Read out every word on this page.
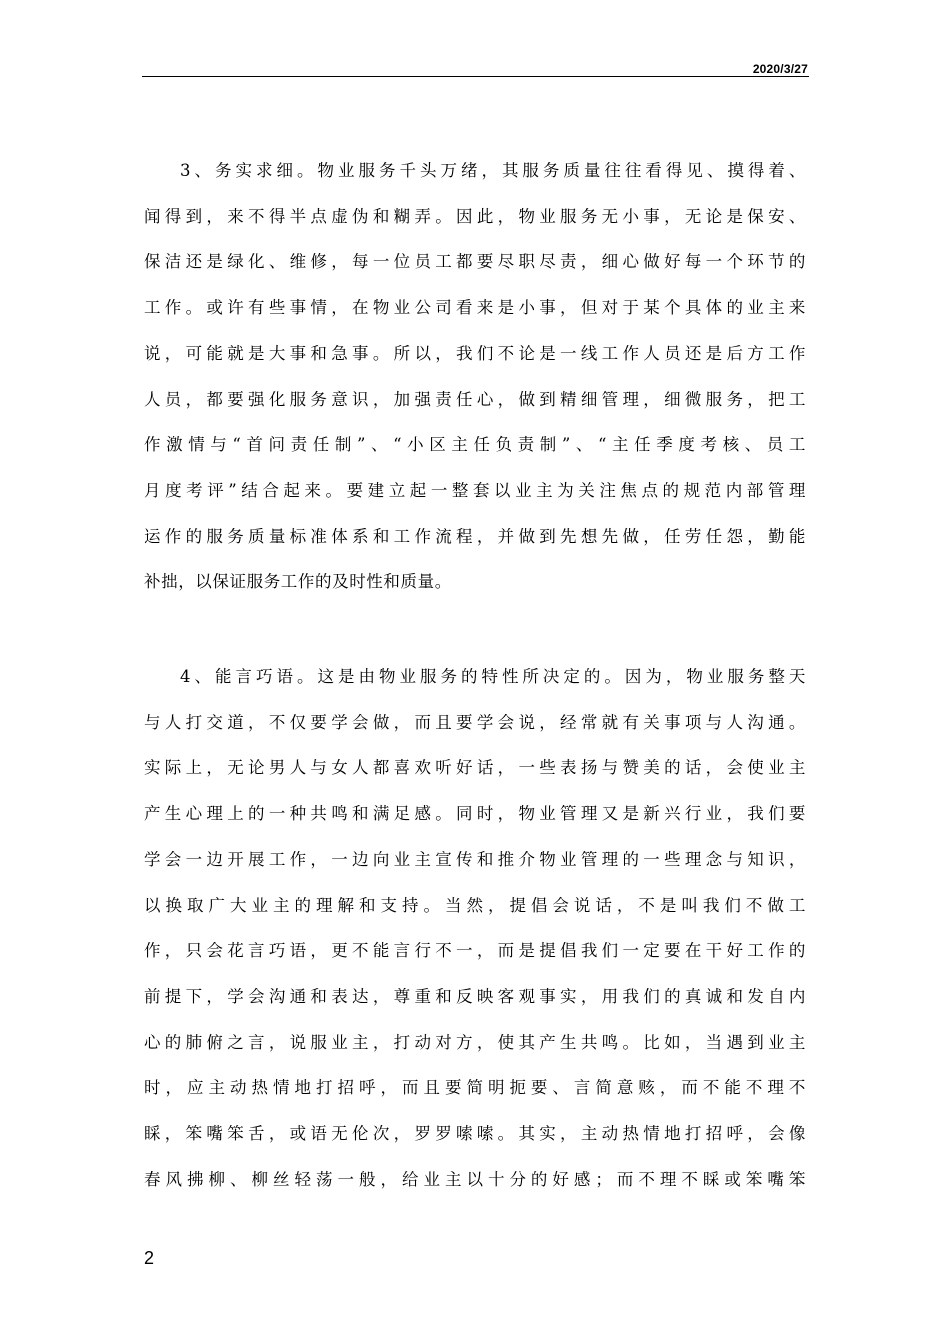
2020/3/27
3、务实求细。物业服务千头万绪，其服务质量往往看得见、摸得着、
闻得到，来不得半点虚伪和糊弄。因此，物业服务无小事，无论是保安、
保洁还是绿化、维修，每一位员工都要尽职尽责，细心做好每一个环节的
工作。或许有些事情，在物业公司看来是小事，但对于某个具体的业主来
说，可能就是大事和急事。所以，我们不论是一线工作人员还是后方工作
人员，都要强化服务意识，加强责任心，做到精细管理，细微服务，把工
作激情与“首问责任制”、“小区主任负责制”、“主任季度考核、员工
月度考评”结合起来。要建立起一整套以业主为关注焦点的规范内部管理
运作的服务质量标准体系和工作流程，并做到先想先做，任劳任怨，勤能
补拙，以保证服务工作的及时性和质量。
4、能言巧语。这是由物业服务的特性所决定的。因为，物业服务整天
与人打交道，不仅要学会做，而且要学会说，经常就有关事项与人沟通。
实际上，无论男人与女人都喜欢听好话，一些表扬与赞美的话，会使业主
产生心理上的一种共鸣和满足感。同时，物业管理又是新兴行业，我们要
学会一边开展工作，一边向业主宣传和推介物业管理的一些理念与知识，
以换取广大业主的理解和支持。当然，提倡会说话，不是叫我们不做工
作，只会花言巧语，更不能言行不一，而是提倡我们一定要在干好工作的
前提下，学会沟通和表达，尊重和反映客观事实，用我们的真诚和发自内
心的肺俯之言，说服业主，打动对方，使其产生共鸣。比如，当遇到业主
时，应主动热情地打招呼，而且要简明扼要、言简意赅，而不能不理不
睬，笨嘴笨舌，或语无伦次，罗罗嗦嗦。其实，主动热情地打招呼，会像
春风拂柳、柳丝轻荡一般，给业主以十分的好感；而不理不睬或笨嘴笨
2
